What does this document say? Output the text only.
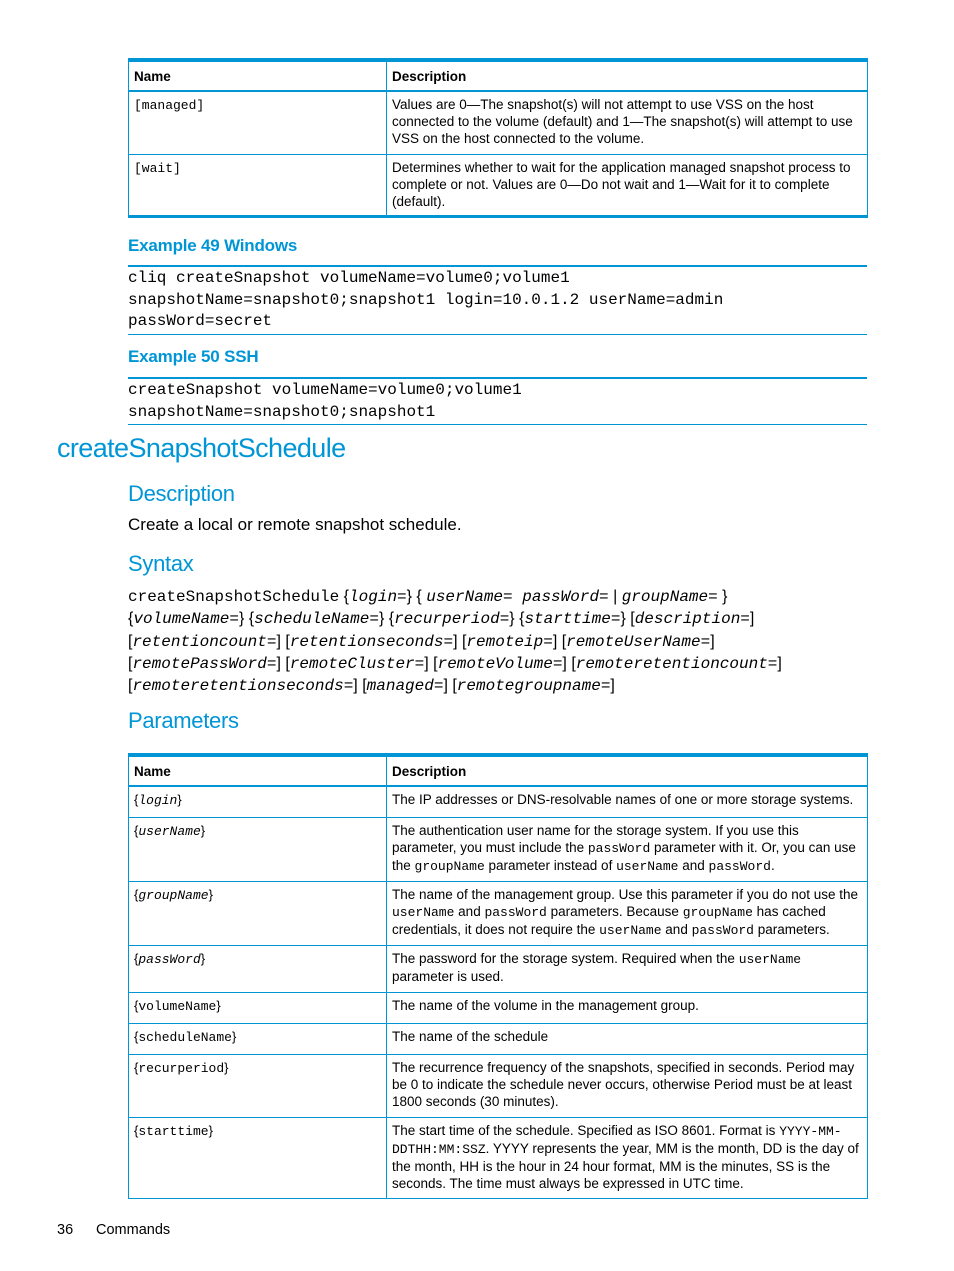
Name	Description
[managed]	Values are 0—The snapshot(s) will not attempt to use VSS on the host connected to the volume (default) and 1—The snapshot(s) will attempt to use VSS on the host connected to the volume.
[wait]	Determines whether to wait for the application managed snapshot process to complete or not. Values are 0—Do not wait and 1—Wait for it to complete (default).
Example 49 Windows
cliq createSnapshot volumeName=volume0;volume1
snapshotName=snapshot0;snapshot1 login=10.0.1.2 userName=admin
passWord=secret
Example 50 SSH
createSnapshot volumeName=volume0;volume1
snapshotName=snapshot0;snapshot1
createSnapshotSchedule
Description
Create a local or remote snapshot schedule.
Syntax
createSnapshotSchedule {login=} { userName= passWord= | groupName= }
{volumeName=} {scheduleName=} {recurperiod=} {starttime=} [description=]
[retentioncount=] [retentionseconds=] [remoteip=] [remoteUserName=]
[remotePassWord=] [remoteCluster=] [remoteVolume=] [remoteretentioncount=]
[remoteretentionseconds=] [managed=] [remotegroupname=]
Parameters
Name	Description
{login}	The IP addresses or DNS-resolvable names of one or more storage systems.
{userName}	The authentication user name for the storage system. If you use this parameter, you must include the passWord parameter with it. Or, you can use the groupName parameter instead of userName and passWord.
{groupName}	The name of the management group. Use this parameter if you do not use the userName and passWord parameters. Because groupName has cached credentials, it does not require the userName and passWord parameters.
{passWord}	The password for the storage system. Required when the userName parameter is used.
{volumeName}	The name of the volume in the management group.
{scheduleName}	The name of the schedule
{recurperiod}	The recurrence frequency of the snapshots, specified in seconds. Period may be 0 to indicate the schedule never occurs, otherwise Period must be at least 1800 seconds (30 minutes).
{starttime}	The start time of the schedule. Specified as ISO 8601. Format is YYYY-MM-DDTHH:MM:SSZ. YYYY represents the year, MM is the month, DD is the day of the month, HH is the hour in 24 hour format, MM is the minutes, SS is the seconds. The time must always be expressed in UTC time.
36 Commands
